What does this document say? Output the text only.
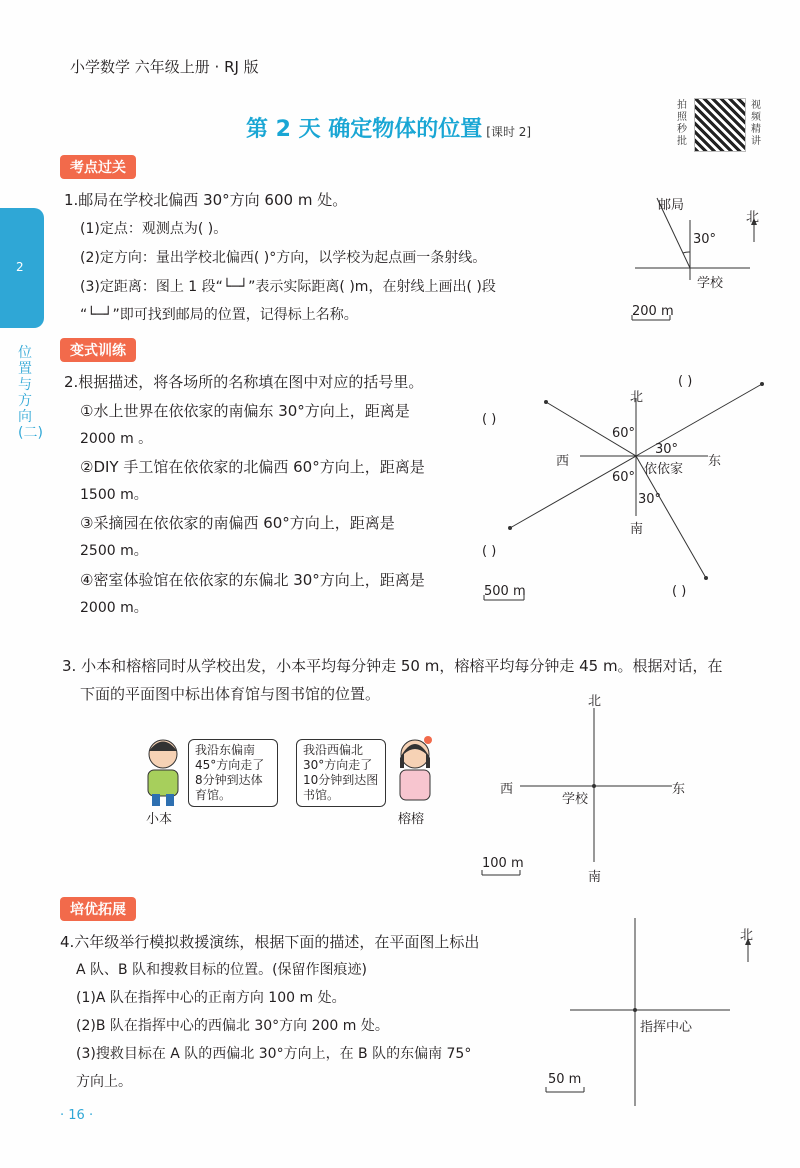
小学数学 六年级上册 · RJ 版
第 2 天 确定物体的位置 [课时 2]
拍照秒批
视频精讲
2
位置与方向(二)
考点过关
1.邮局在学校北偏西 30°方向 600 m 处。
(1)定点：观测点为( )。
(2)定方向：量出学校北偏西( )°方向，以学校为起点画一条射线。
(3)定距离：图上 1 段“└─┘”表示实际距离( )m，在射线上画出( )段
“└─┘”即可找到邮局的位置，记得标上名称。
邮局
北
30°
学校
200 m
变式训练
2.根据描述，将各场所的名称填在图中对应的括号里。
①水上世界在依依家的南偏东 30°方向上，距离是
2000 m 。
②DIY 手工馆在依依家的北偏西 60°方向上，距离是
1500 m。
③采摘园在依依家的南偏西 60°方向上，距离是
2500 m。
④密室体验馆在依依家的东偏北 30°方向上，距离是
2000 m。
北
南
东
西
依依家
60°
30°
60°
30°
( )
( )
( )
( )
500 m
3. 小本和榕榕同时从学校出发，小本平均每分钟走 50 m，榕榕平均每分钟走 45 m。根据对话，在
下面的平面图中标出体育馆与图书馆的位置。
我沿东偏南 45°方向走了 8分钟到达体育馆。
我沿西偏北 30°方向走了 10分钟到达图书馆。
小本	榕榕
北
南
东
西
学校
100 m
培优拓展
4.六年级举行模拟救援演练，根据下面的描述，在平面图上标出
A 队、B 队和搜救目标的位置。(保留作图痕迹)
(1)A 队在指挥中心的正南方向 100 m 处。
(2)B 队在指挥中心的西偏北 30°方向 200 m 处。
(3)搜救目标在 A 队的西偏北 30°方向上，在 B 队的东偏南 75°
方向上。
指挥中心
北
50 m
· 16 ·
